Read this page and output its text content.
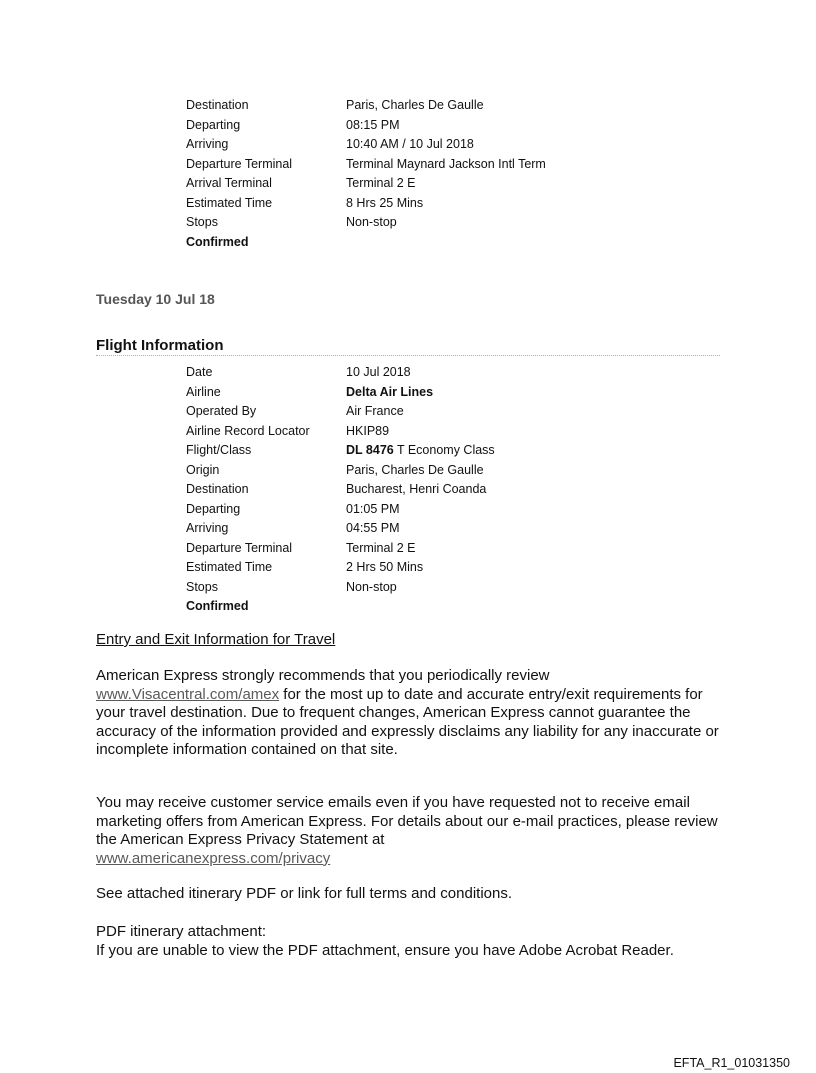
Destination	Paris, Charles De Gaulle
Departing	08:15 PM
Arriving	10:40 AM / 10 Jul 2018
Departure Terminal	Terminal Maynard Jackson Intl Term
Arrival Terminal	Terminal 2 E
Estimated Time	8 Hrs 25 Mins
Stops	Non-stop
Confirmed
Tuesday 10 Jul 18
Flight Information
Date	10 Jul 2018
Airline	Delta Air Lines
Operated By	Air France
Airline Record Locator	HKIP89
Flight/Class	DL 8476 T Economy Class
Origin	Paris, Charles De Gaulle
Destination	Bucharest, Henri Coanda
Departing	01:05 PM
Arriving	04:55 PM
Departure Terminal	Terminal 2 E
Estimated Time	2 Hrs 50 Mins
Stops	Non-stop
Confirmed
Entry and Exit Information for Travel
American Express strongly recommends that you periodically review
www.Visacentral.com/amex for the most up to date and accurate entry/exit requirements for your travel destination. Due to frequent changes, American Express cannot guarantee the accuracy of the information provided and expressly disclaims any liability for any inaccurate or incomplete information contained on that site.
You may receive customer service emails even if you have requested not to receive email marketing offers from American Express. For details about our e-mail practices, please review the American Express Privacy Statement at
www.americanexpress.com/privacy
See attached itinerary PDF or link for full terms and conditions.
PDF itinerary attachment:
If you are unable to view the PDF attachment, ensure you have Adobe Acrobat Reader.
EFTA_R1_01031350
